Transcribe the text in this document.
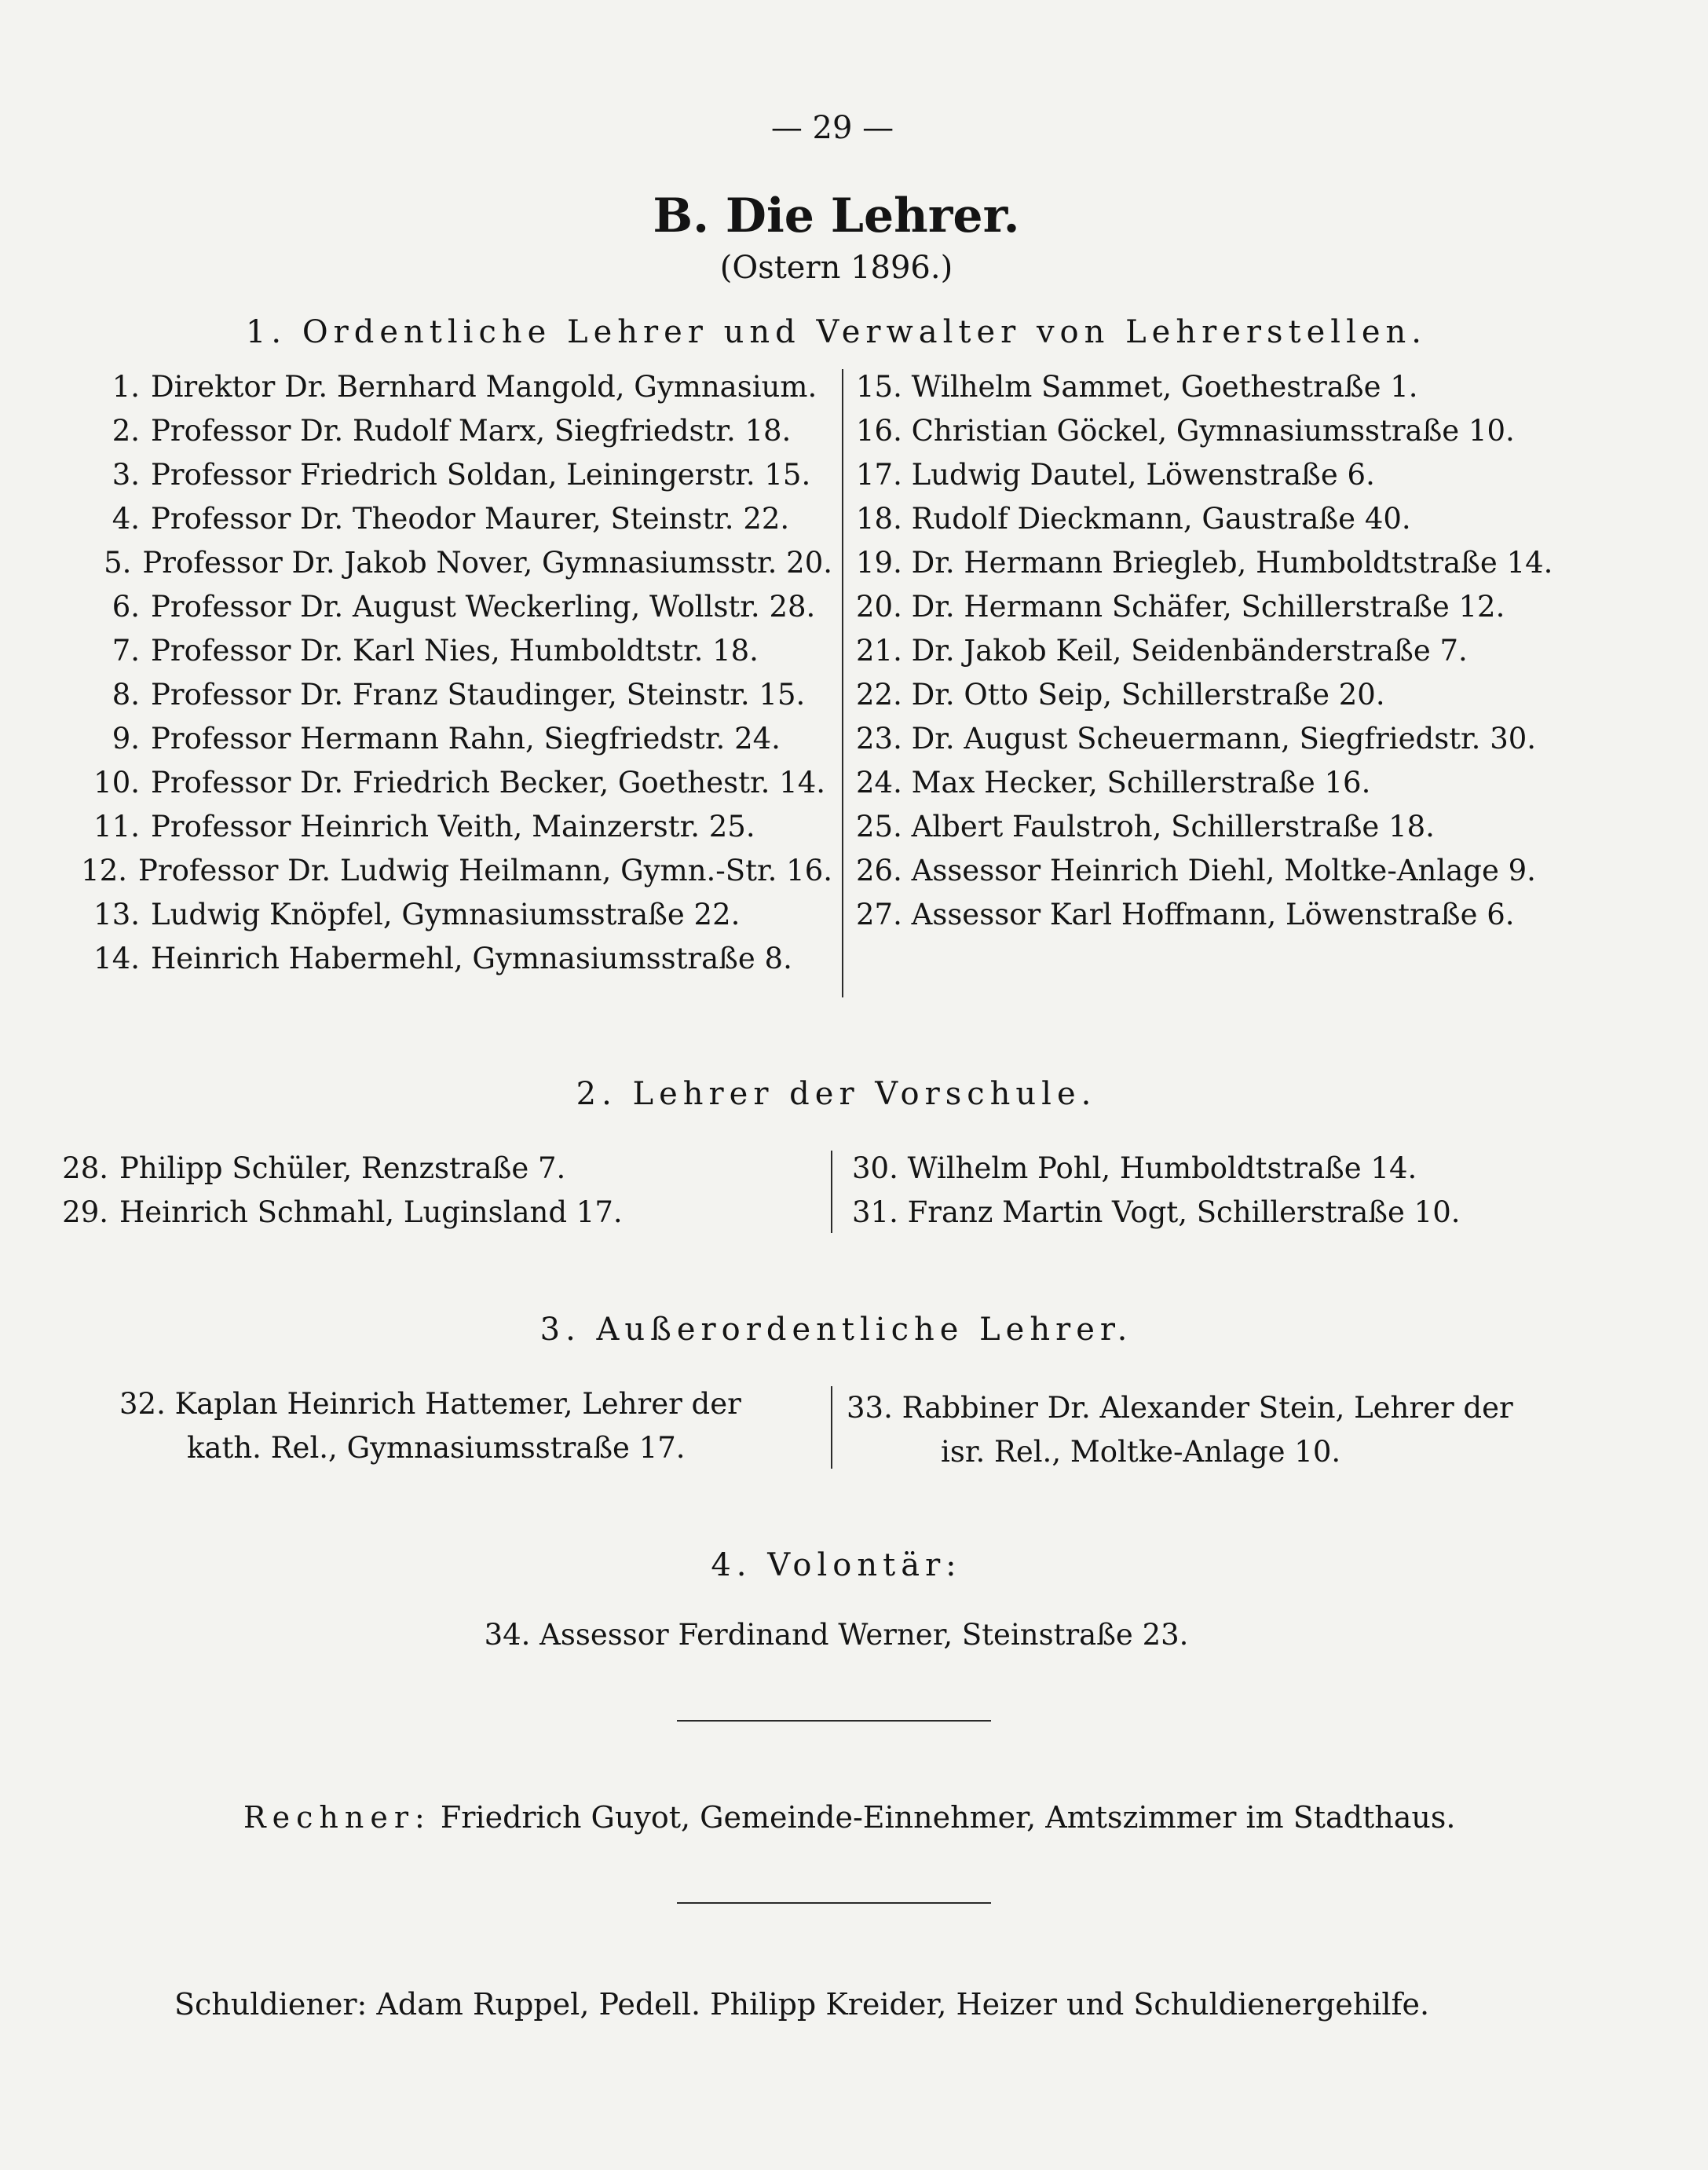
— 29 —
B. Die Lehrer.
(Ostern 1896.)
1. Ordentliche Lehrer und Verwalter von Lehrerstellen.
1. Direktor Dr. Bernhard Mangold, Gymnasium.
2. Professor Dr. Rudolf Marx, Siegfriedstr. 18.
3. Professor Friedrich Soldan, Leiningerstr. 15.
4. Professor Dr. Theodor Maurer, Steinstr. 22.
5. Professor Dr. Jakob Nover, Gymnasiumsstr. 20.
6. Professor Dr. August Weckerling, Wollstr. 28.
7. Professor Dr. Karl Nies, Humboldtstr. 18.
8. Professor Dr. Franz Staudinger, Steinstr. 15.
9. Professor Hermann Rahn, Siegfriedstr. 24.
10. Professor Dr. Friedrich Becker, Goethestr. 14.
11. Professor Heinrich Veith, Mainzerstr. 25.
12. Professor Dr. Ludwig Heilmann, Gymn.-Str. 16.
13. Ludwig Knöpfel, Gymnasiumsstraße 22.
14. Heinrich Habermehl, Gymnasiumsstraße 8.
15.
Wilhelm Sammet, Goethestraße 1.
16.
Christian Göckel, Gymnasiumsstraße 10.
17.
Ludwig Dautel, Löwenstraße 6.
18.
Rudolf Dieckmann, Gaustraße 40.
19.
Dr. Hermann Briegleb, Humboldtstraße 14.
20.
Dr. Hermann Schäfer, Schillerstraße 12.
21.
Dr. Jakob Keil, Seidenbänderstraße 7.
22.
Dr. Otto Seip, Schillerstraße 20.
23.
Dr. August Scheuermann, Siegfriedstr. 30.
24.
Max Hecker, Schillerstraße 16.
25.
Albert Faulstroh, Schillerstraße 18.
26.
Assessor Heinrich Diehl, Moltke-Anlage 9.
27.
Assessor Karl Hoffmann, Löwenstraße 6.
2. Lehrer der Vorschule.
28. Philipp Schüler, Renzstraße 7.
29. Heinrich Schmahl, Luginsland 17.
30.
Wilhelm Pohl, Humboldtstraße 14.
31.
Franz Martin Vogt, Schillerstraße 10.
3. Außerordentliche Lehrer.
32. Kaplan Heinrich Hattemer, Lehrer der
kath. Rel., Gymnasiumsstraße 17.
33. Rabbiner Dr. Alexander Stein, Lehrer der
isr. Rel., Moltke-Anlage 10.
4. Volontär:
34. Assessor Ferdinand Werner, Steinstraße 23.
Rechner: Friedrich Guyot, Gemeinde-Einnehmer, Amtszimmer im Stadthaus.
Schuldiener: Adam Ruppel, Pedell. Philipp Kreider, Heizer und Schuldienergehilfe.
